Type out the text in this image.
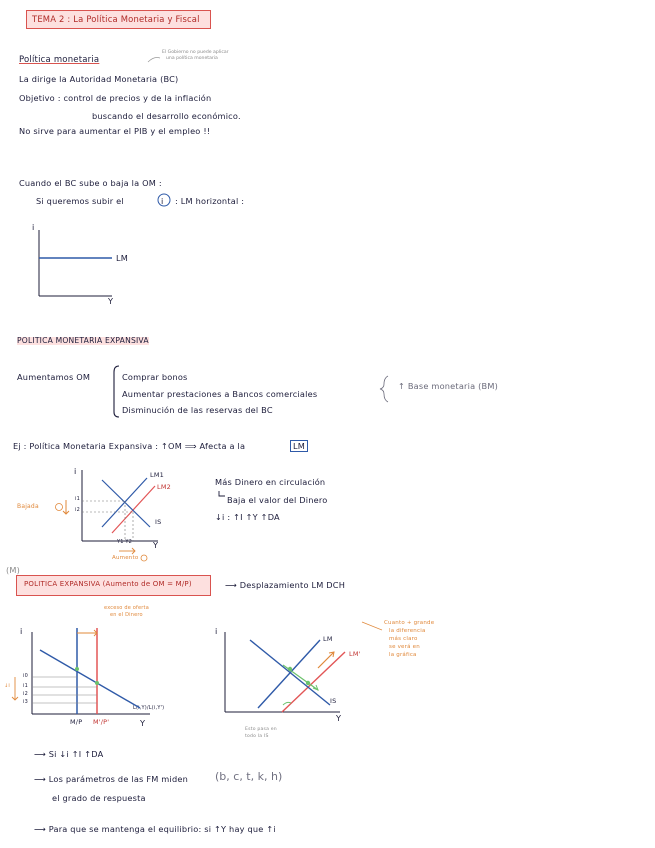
TEMA 2 : La Política Monetaria y Fiscal
Política monetaria
El Gobierno no puede aplicar
una política monetaria
La dirige la Autoridad Monetaria (BC)
Objetivo : control de precios y de la inflación
buscando el desarrollo económico.
No sirve para aumentar el PIB y el empleo !!
Cuando el BC sube o baja la OM :
Si queremos subir el	i : LM horizontal :
i
Y
LM
POLITICA MONETARIA EXPANSIVA
Aumentamos OM	Comprar bonos
Aumentar prestaciones a Bancos comerciales
Disminución de las reservas del BC
↑ Base monetaria (BM)
Ej : Política Monetaria Expansiva : ↑OM ⟹ Afecta a la	LM
i
Y
LM1
LM2
IS
Bajada
Aumento
Y1 Y2
i1
i2
Más Dinero en circulación
Baja el valor del Dinero
↓i : ↑I ↑Y ↑DA
(M)
POLITICA EXPANSIVA (Aumento de OM = M/P)	⟶ Desplazamiento LM DCH
exceso de oferta
en el Dinero
Cuanto + grande
la diferencia
más claro
se verá en
la gráfica
i
Y
L(i,Y)/L(i,Y')
M/P M'/P'
i0
i1
i2
i3
↓i
i
Y
LM
LM'
IS
Esto pasa en
todo la IS
⟶ Si ↓i ↑I ↑DA
⟶ Los parámetros de las FM miden (b, c, t, k, h)
el grado de respuesta
⟶ Para que se mantenga el equilibrio: si ↑Y hay que ↑i
